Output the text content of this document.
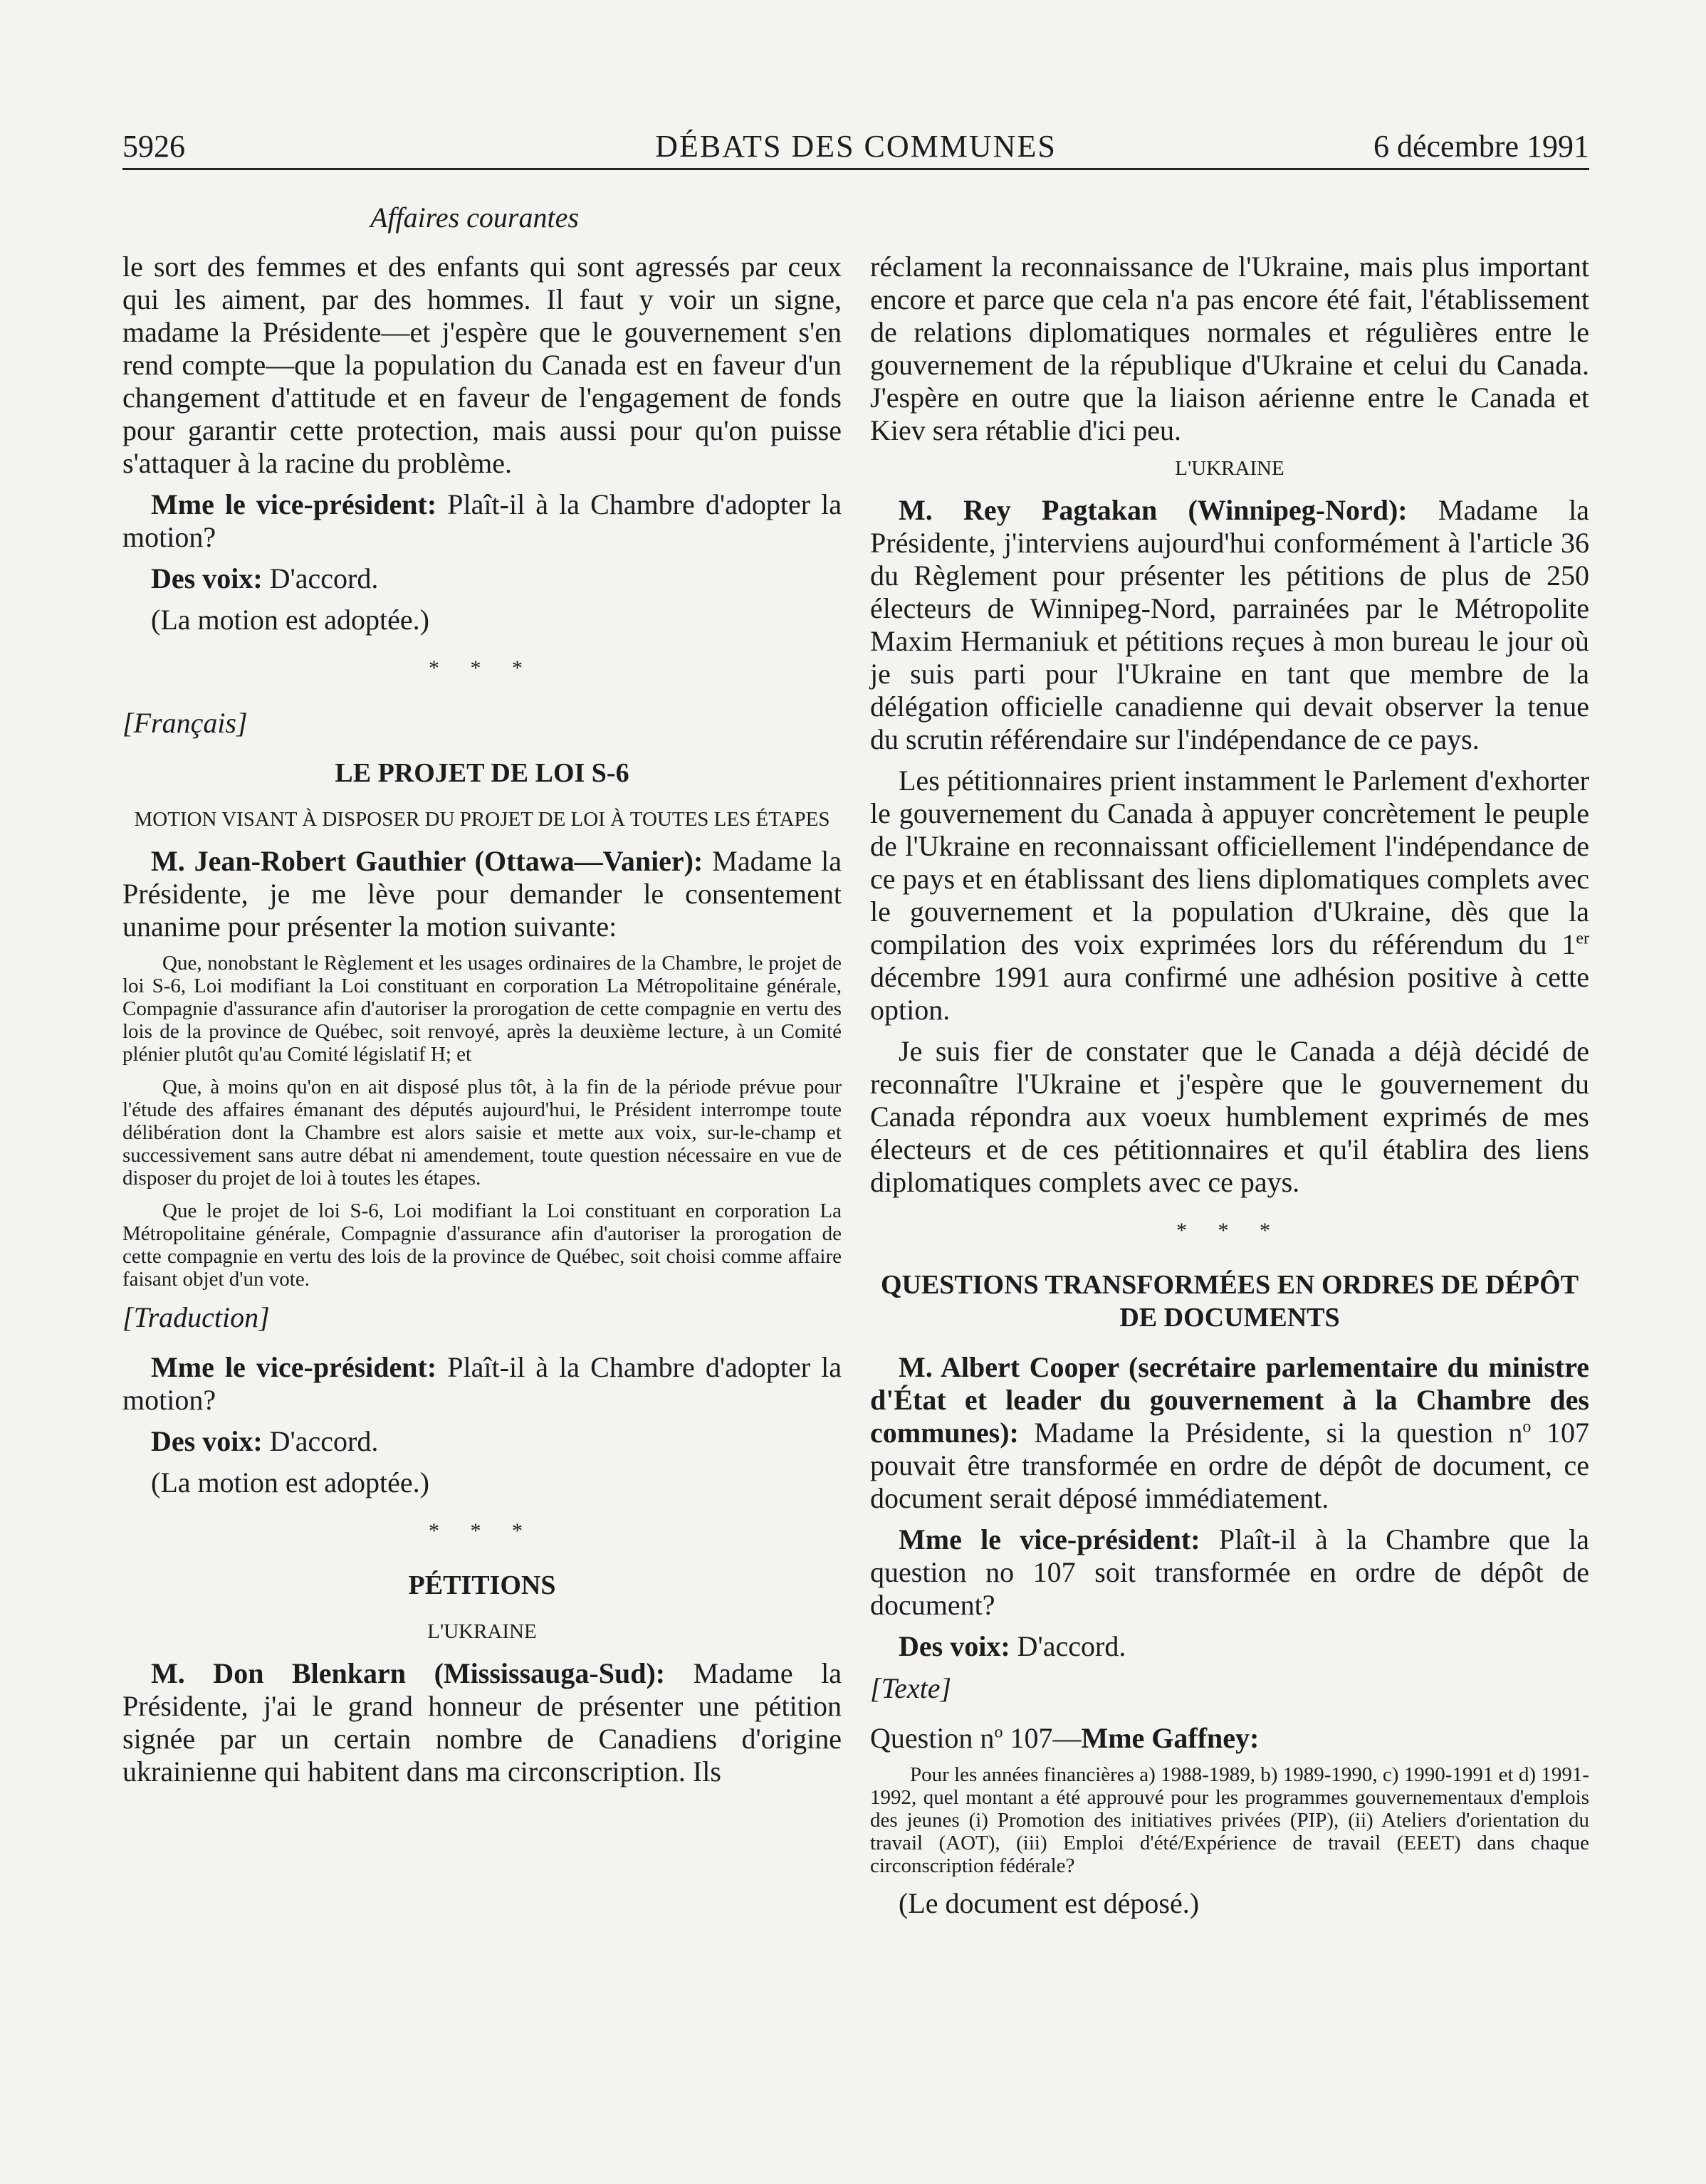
5926	DÉBATS DES COMMUNES	6 décembre 1991
Affaires courantes

le sort des femmes et des enfants qui sont agressés par ceux qui les aiment, par des hommes. Il faut y voir un signe, madame la Présidente—et j'espère que le gouvernement s'en rend compte—que la population du Canada est en faveur d'un changement d'attitude et en faveur de l'engagement de fonds pour garantir cette protection, mais aussi pour qu'on puisse s'attaquer à la racine du problème.

Mme le vice-président: Plaît-il à la Chambre d'adopter la motion?

Des voix: D'accord.

(La motion est adoptée.)

* * *
[Français]
LE PROJET DE LOI S-6
MOTION VISANT À DISPOSER DU PROJET DE LOI À TOUTES LES ÉTAPES

M. Jean-Robert Gauthier (Ottawa—Vanier): Madame la Présidente, je me lève pour demander le consentement unanime pour présenter la motion suivante:

Que, nonobstant le Règlement et les usages ordinaires de la Chambre, le projet de loi S-6, Loi modifiant la Loi constituant en corporation La Métropolitaine générale, Compagnie d'assurance afin d'autoriser la prorogation de cette compagnie en vertu des lois de la province de Québec, soit renvoyé, après la deuxième lecture, à un Comité plénier plutôt qu'au Comité législatif H; et

Que, à moins qu'on en ait disposé plus tôt, à la fin de la période prévue pour l'étude des affaires émanant des députés aujourd'hui, le Président interrompe toute délibération dont la Chambre est alors saisie et mette aux voix, sur-le-champ et successivement sans autre débat ni amendement, toute question nécessaire en vue de disposer du projet de loi à toutes les étapes.

Que le projet de loi S-6, Loi modifiant la Loi constituant en corporation La Métropolitaine générale, Compagnie d'assurance afin d'autoriser la prorogation de cette compagnie en vertu des lois de la province de Québec, soit choisi comme affaire faisant objet d'un vote.

[Traduction]

Mme le vice-président: Plaît-il à la Chambre d'adopter la motion?

Des voix: D'accord.

(La motion est adoptée.)

* * *
PÉTITIONS
L'UKRAINE

M. Don Blenkarn (Mississauga-Sud): Madame la Présidente, j'ai le grand honneur de présenter une pétition signée par un certain nombre de Canadiens d'origine ukrainienne qui habitent dans ma circonscription. Ils

réclament la reconnaissance de l'Ukraine, mais plus important encore et parce que cela n'a pas encore été fait, l'établissement de relations diplomatiques normales et régulières entre le gouvernement de la république d'Ukraine et celui du Canada. J'espère en outre que la liaison aérienne entre le Canada et Kiev sera rétablie d'ici peu.

L'UKRAINE

M. Rey Pagtakan (Winnipeg-Nord): Madame la Présidente, j'interviens aujourd'hui conformément à l'article 36 du Règlement pour présenter les pétitions de plus de 250 électeurs de Winnipeg-Nord, parrainées par le Métropolite Maxim Hermaniuk et pétitions reçues à mon bureau le jour où je suis parti pour l'Ukraine en tant que membre de la délégation officielle canadienne qui devait observer la tenue du scrutin référendaire sur l'indépendance de ce pays.

Les pétitionnaires prient instamment le Parlement d'exhorter le gouvernement du Canada à appuyer concrètement le peuple de l'Ukraine en reconnaissant officiellement l'indépendance de ce pays et en établissant des liens diplomatiques complets avec le gouvernement et la population d'Ukraine, dès que la compilation des voix exprimées lors du référendum du 1er décembre 1991 aura confirmé une adhésion positive à cette option.

Je suis fier de constater que le Canada a déjà décidé de reconnaître l'Ukraine et j'espère que le gouvernement du Canada répondra aux voeux humblement exprimés de mes électeurs et de ces pétitionnaires et qu'il établira des liens diplomatiques complets avec ce pays.

* * *
QUESTIONS TRANSFORMÉES EN ORDRES DE DÉPÔT DE DOCUMENTS

M. Albert Cooper (secrétaire parlementaire du ministre d'État et leader du gouvernement à la Chambre des communes): Madame la Présidente, si la question $n^o$ 107 pouvait être transformée en ordre de dépôt de document, ce document serait déposé immédiatement.

Mme le vice-président: Plaît-il à la Chambre que la question no 107 soit transformée en ordre de dépôt de document?

Des voix: D'accord.

[Texte]

Question $n^o$ 107—Mme Gaffney:

Pour les années financières a) 1988-1989, b) 1989-1990, c) 1990-1991 et d) 1991-1992, quel montant a été approuvé pour les programmes gouvernementaux d'emplois des jeunes (i) Promotion des initiatives privées (PIP), (ii) Ateliers d'orientation du travail (AOT), (iii) Emploi d'été/Expérience de travail (EEET) dans chaque circonscription fédérale?

(Le document est déposé.)
